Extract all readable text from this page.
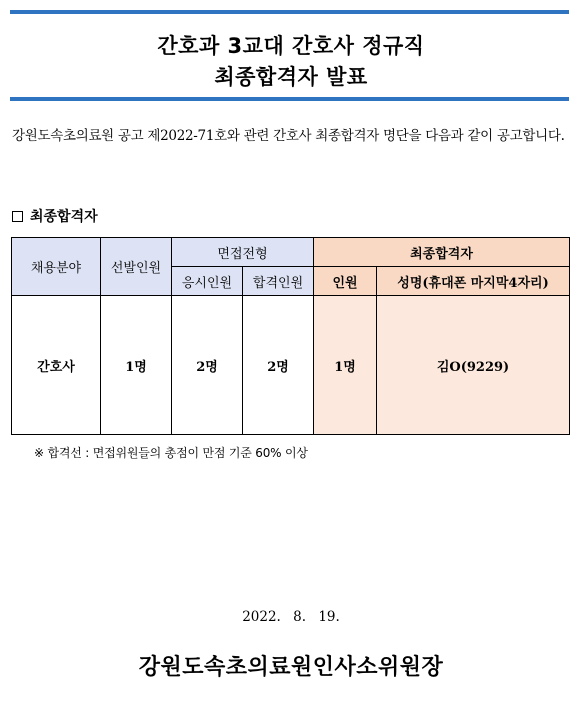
간호과 3교대 간호사 정규직
최종합격자 발표
강원도속초의료원 공고 제2022-71호와 관련 간호사 최종합격자 명단을 다음과 같이 공고합니다.
최종합격자
채용분야	선발인원	면접전형		최종합격자	
		응시인원	합격인원	인원	성명(휴대폰 마지막4자리)
간호사	1명	2명	2명	1명	김O(9229)
※ 합격선 : 면접위원들의 총점이 만점 기준 60% 이상
2022. 8. 19.
강원도속초의료원인사소위원장
